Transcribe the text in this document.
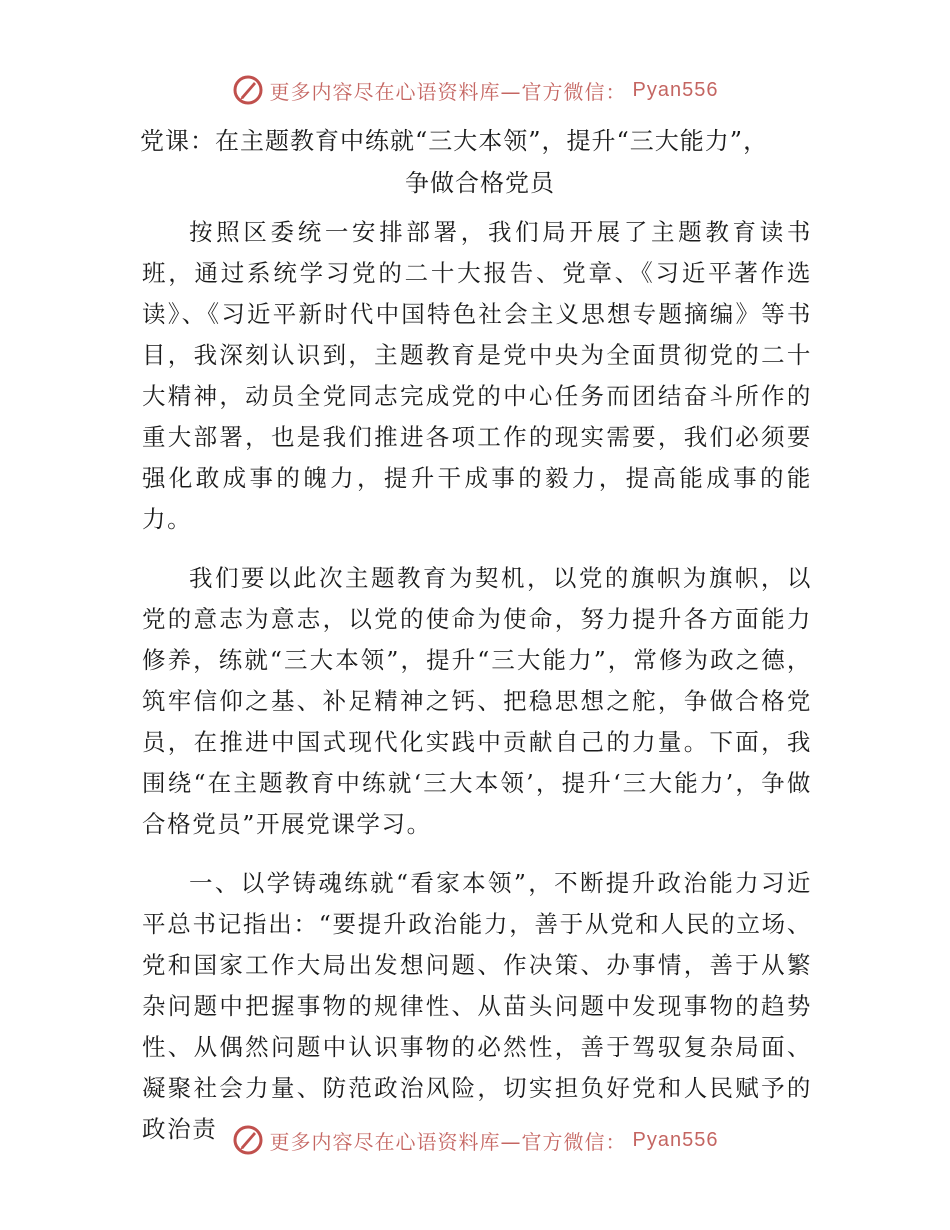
更多内容尽在心语资料库—官方微信： Pyan556
党课：在主题教育中练就“三大本领”，提升“三大能力”，
争做合格党员

按照区委统一安排部署，我们局开展了主题教育读书班，通过系统学习党的二十大报告、党章、《习近平著作选读》、《习近平新时代中国特色社会主义思想专题摘编》等书目，我深刻认识到，主题教育是党中央为全面贯彻党的二十大精神，动员全党同志完成党的中心任务而团结奋斗所作的重大部署，也是我们推进各项工作的现实需要，我们必须要强化敢成事的魄力，提升干成事的毅力，提高能成事的能力。

我们要以此次主题教育为契机，以党的旗帜为旗帜，以党的意志为意志，以党的使命为使命，努力提升各方面能力修养，练就“三大本领”，提升“三大能力”，常修为政之德，筑牢信仰之基、补足精神之钙、把稳思想之舵，争做合格党员，在推进中国式现代化实践中贡献自己的力量。下面，我围绕“在主题教育中练就‘三大本领’，提升‘三大能力’，争做合格党员”开展党课学习。

一、以学铸魂练就“看家本领”，不断提升政治能力习近平总书记指出：“要提升政治能力，善于从党和人民的立场、党和国家工作大局出发想问题、作决策、办事情，善于从繁杂问题中把握事物的规律性、从苗头问题中发现事物的趋势性、从偶然问题中认识事物的必然性，善于驾驭复杂局面、凝聚社会力量、防范政治风险，切实担负好党和人民赋予的政治责	更多内容尽在心语资料库—官方微信： Pyan556
